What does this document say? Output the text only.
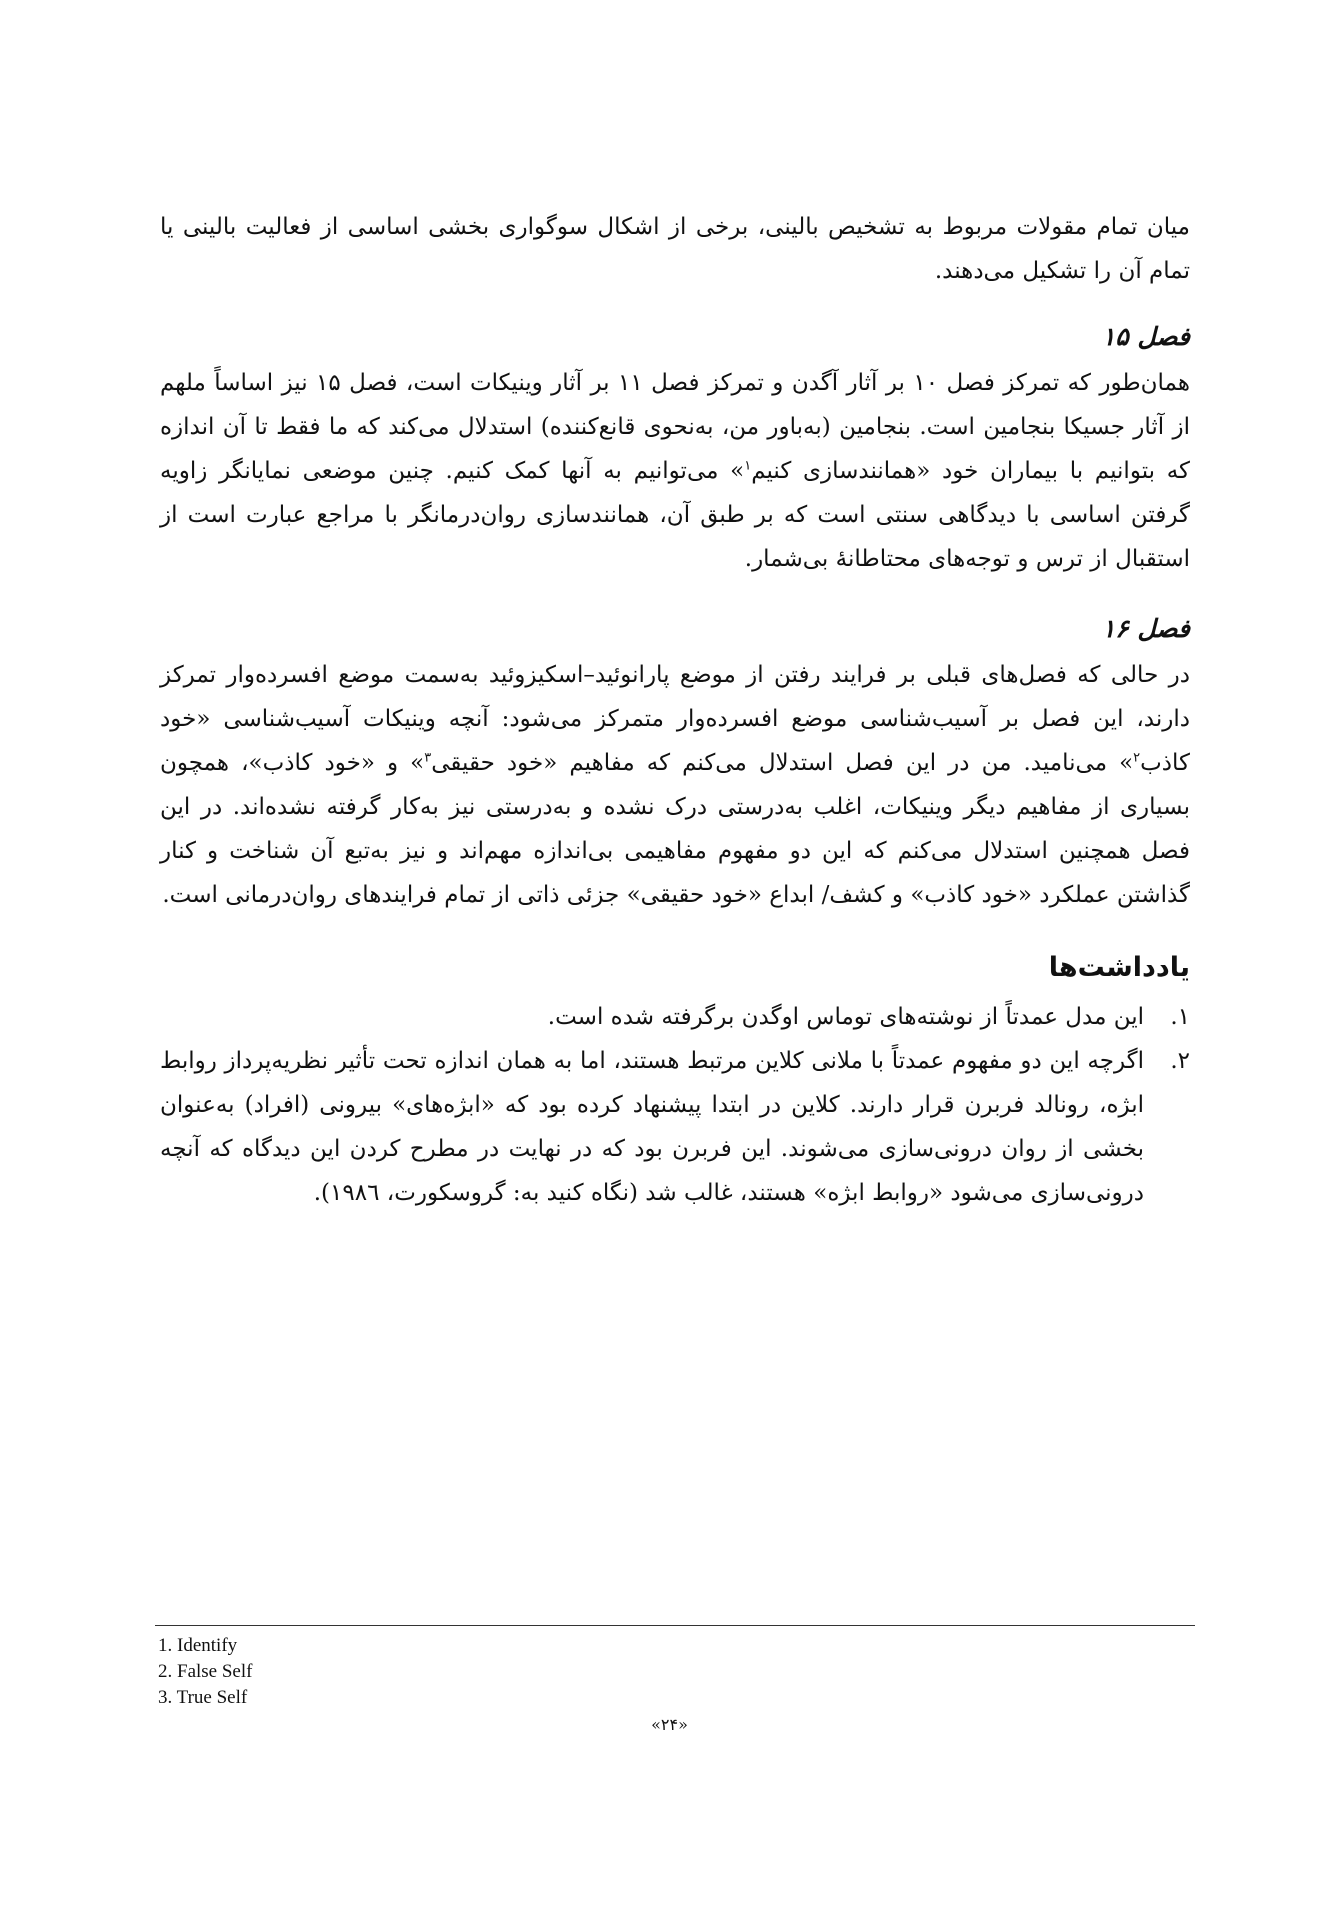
میان تمام مقولات مربوط به تشخیص بالینی، برخی از اشکال سوگواری بخشی اساسی از فعالیت بالینی یا تمام آن را تشکیل می‌دهند.

فصل ۱۵

همان‌طور که تمرکز فصل ۱۰ بر آثار آگدن و تمرکز فصل ۱۱ بر آثار وینیکات است، فصل ۱۵ نیز اساساً ملهم از آثار جسیکا بنجامین است. بنجامین (به‌باور من، به‌نحوی قانع‌کننده) استدلال می‌کند که ما فقط تا آن اندازه که بتوانیم با بیماران خود «همانندسازی کنیم$^۱$» می‌توانیم به آنها کمک کنیم. چنین موضعی نمایانگر زاویه گرفتن اساسی با دیدگاهی سنتی است که بر طبق آن، همانندسازی روان‌درمانگر با مراجع عبارت است از استقبال از ترس و توجه‌های محتاطانهٔ بی‌شمار.

فصل ۱۶

در حالی که فصل‌های قبلی بر فرایند رفتن از موضع پارانوئید–اسکیزوئید به‌سمت موضع افسرده‌وار تمرکز دارند، این فصل بر آسیب‌شناسی موضع افسرده‌وار متمرکز می‌شود: آنچه وینیکات آسیب‌شناسی «خود کاذب$^۲$» می‌نامید. من در این فصل استدلال می‌کنم که مفاهیم «خود حقیقی$^۳$» و «خود کاذب»، همچون بسیاری از مفاهیم دیگر وینیکات، اغلب به‌درستی درک نشده و به‌درستی نیز به‌کار گرفته نشده‌اند. در این فصل همچنین استدلال می‌کنم که این دو مفهوم مفاهیمی بی‌اندازه مهم‌اند و نیز به‌تبع آن شناخت و کنار گذاشتن عملکرد «خود کاذب» و کشف/ ابداع «خود حقیقی» جزئی ذاتی از تمام فرایندهای روان‌درمانی است.

یادداشت‌ها
۱.
این مدل عمدتاً از نوشته‌های توماس اوگدن برگرفته شده است.
۲.
اگرچه این دو مفهوم عمدتاً با ملانی کلاین مرتبط هستند، اما به همان اندازه تحت تأثیر نظریه‌پرداز روابط ابژه، رونالد فربرن قرار دارند. کلاین در ابتدا پیشنهاد کرده بود که «ابژه‌های» بیرونی (افراد) به‌عنوان بخشی از روان درونی‌سازی می‌شوند. این فربرن بود که در نهایت در مطرح کردن این دیدگاه که آنچه درونی‌سازی می‌شود «روابط ابژه» هستند، غالب شد (نگاه کنید به: گروسکورت، ۱۹۸٦).

1. Identify

2. False Self

3. True Self

«۲۴»
